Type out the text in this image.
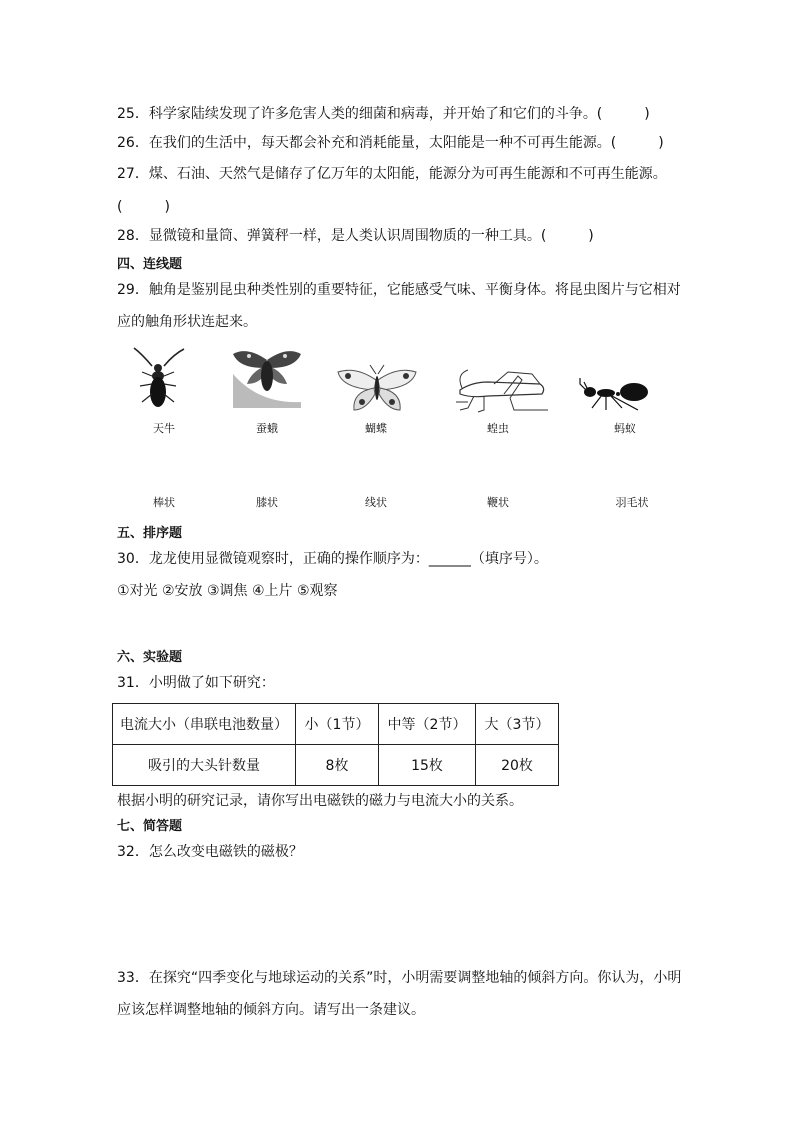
25．科学家陆续发现了许多危害人类的细菌和病毒，并开始了和它们的斗争。(　　　)
26．在我们的生活中，每天都会补充和消耗能量，太阳能是一种不可再生能源。(　　　)
27．煤、石油、天然气是储存了亿万年的太阳能，能源分为可再生能源和不可再生能源。
(　　　)
28．显微镜和量筒、弹簧秤一样，是人类认识周围物质的一种工具。(　　　)
四、连线题
29．触角是鉴别昆虫种类性别的重要特征，它能感受气味、平衡身体。将昆虫图片与它相对
应的触角形状连起来。
天牛	蚕蛾	蝴蝶	蝗虫	蚂蚁
棒状	膝状	线状	鞭状	羽毛状
五、排序题
30．龙龙使用显微镜观察时，正确的操作顺序为：______（填序号）。
①对光 ②安放 ③调焦 ④上片 ⑤观察
六、实验题
31．小明做了如下研究：
电流大小（串联电池数量）	小（1节）	中等（2节）	大（3节）
吸引的大头针数量	8枚	15枚	20枚
根据小明的研究记录，请你写出电磁铁的磁力与电流大小的关系。
七、简答题
32．怎么改变电磁铁的磁极？
33．在探究“四季变化与地球运动的关系”时，小明需要调整地轴的倾斜方向。你认为，小明
应该怎样调整地轴的倾斜方向。请写出一条建议。
